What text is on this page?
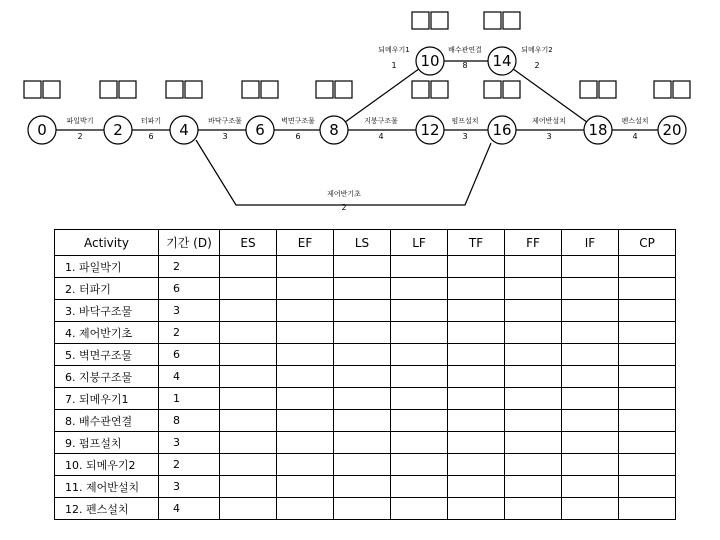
0	2	4	6	8
10
12
14
16	18	20
파일박기
2
터파기
6
바닥구조물
3
벽면구조물
6
되메우기1
1
지붕구조물
4
배수관연결
8
펌프설치
3
되메우기2
2
제어반설치
3
펜스설치
4
제어반기초
2
Activity	기간 (D)	ES	EF	LS	LF	TF	FF	IF	CP
1. 파일박기	2								
2. 터파기	6								
3. 바닥구조물	3								
4. 제어반기초	2								
5. 벽면구조물	6								
6. 지붕구조물	4								
7. 되메우기1	1								
8. 배수관연결	8								
9. 펌프설치	3								
10. 되메우기2	2								
11. 제어반설치	3								
12. 펜스설치	4								
